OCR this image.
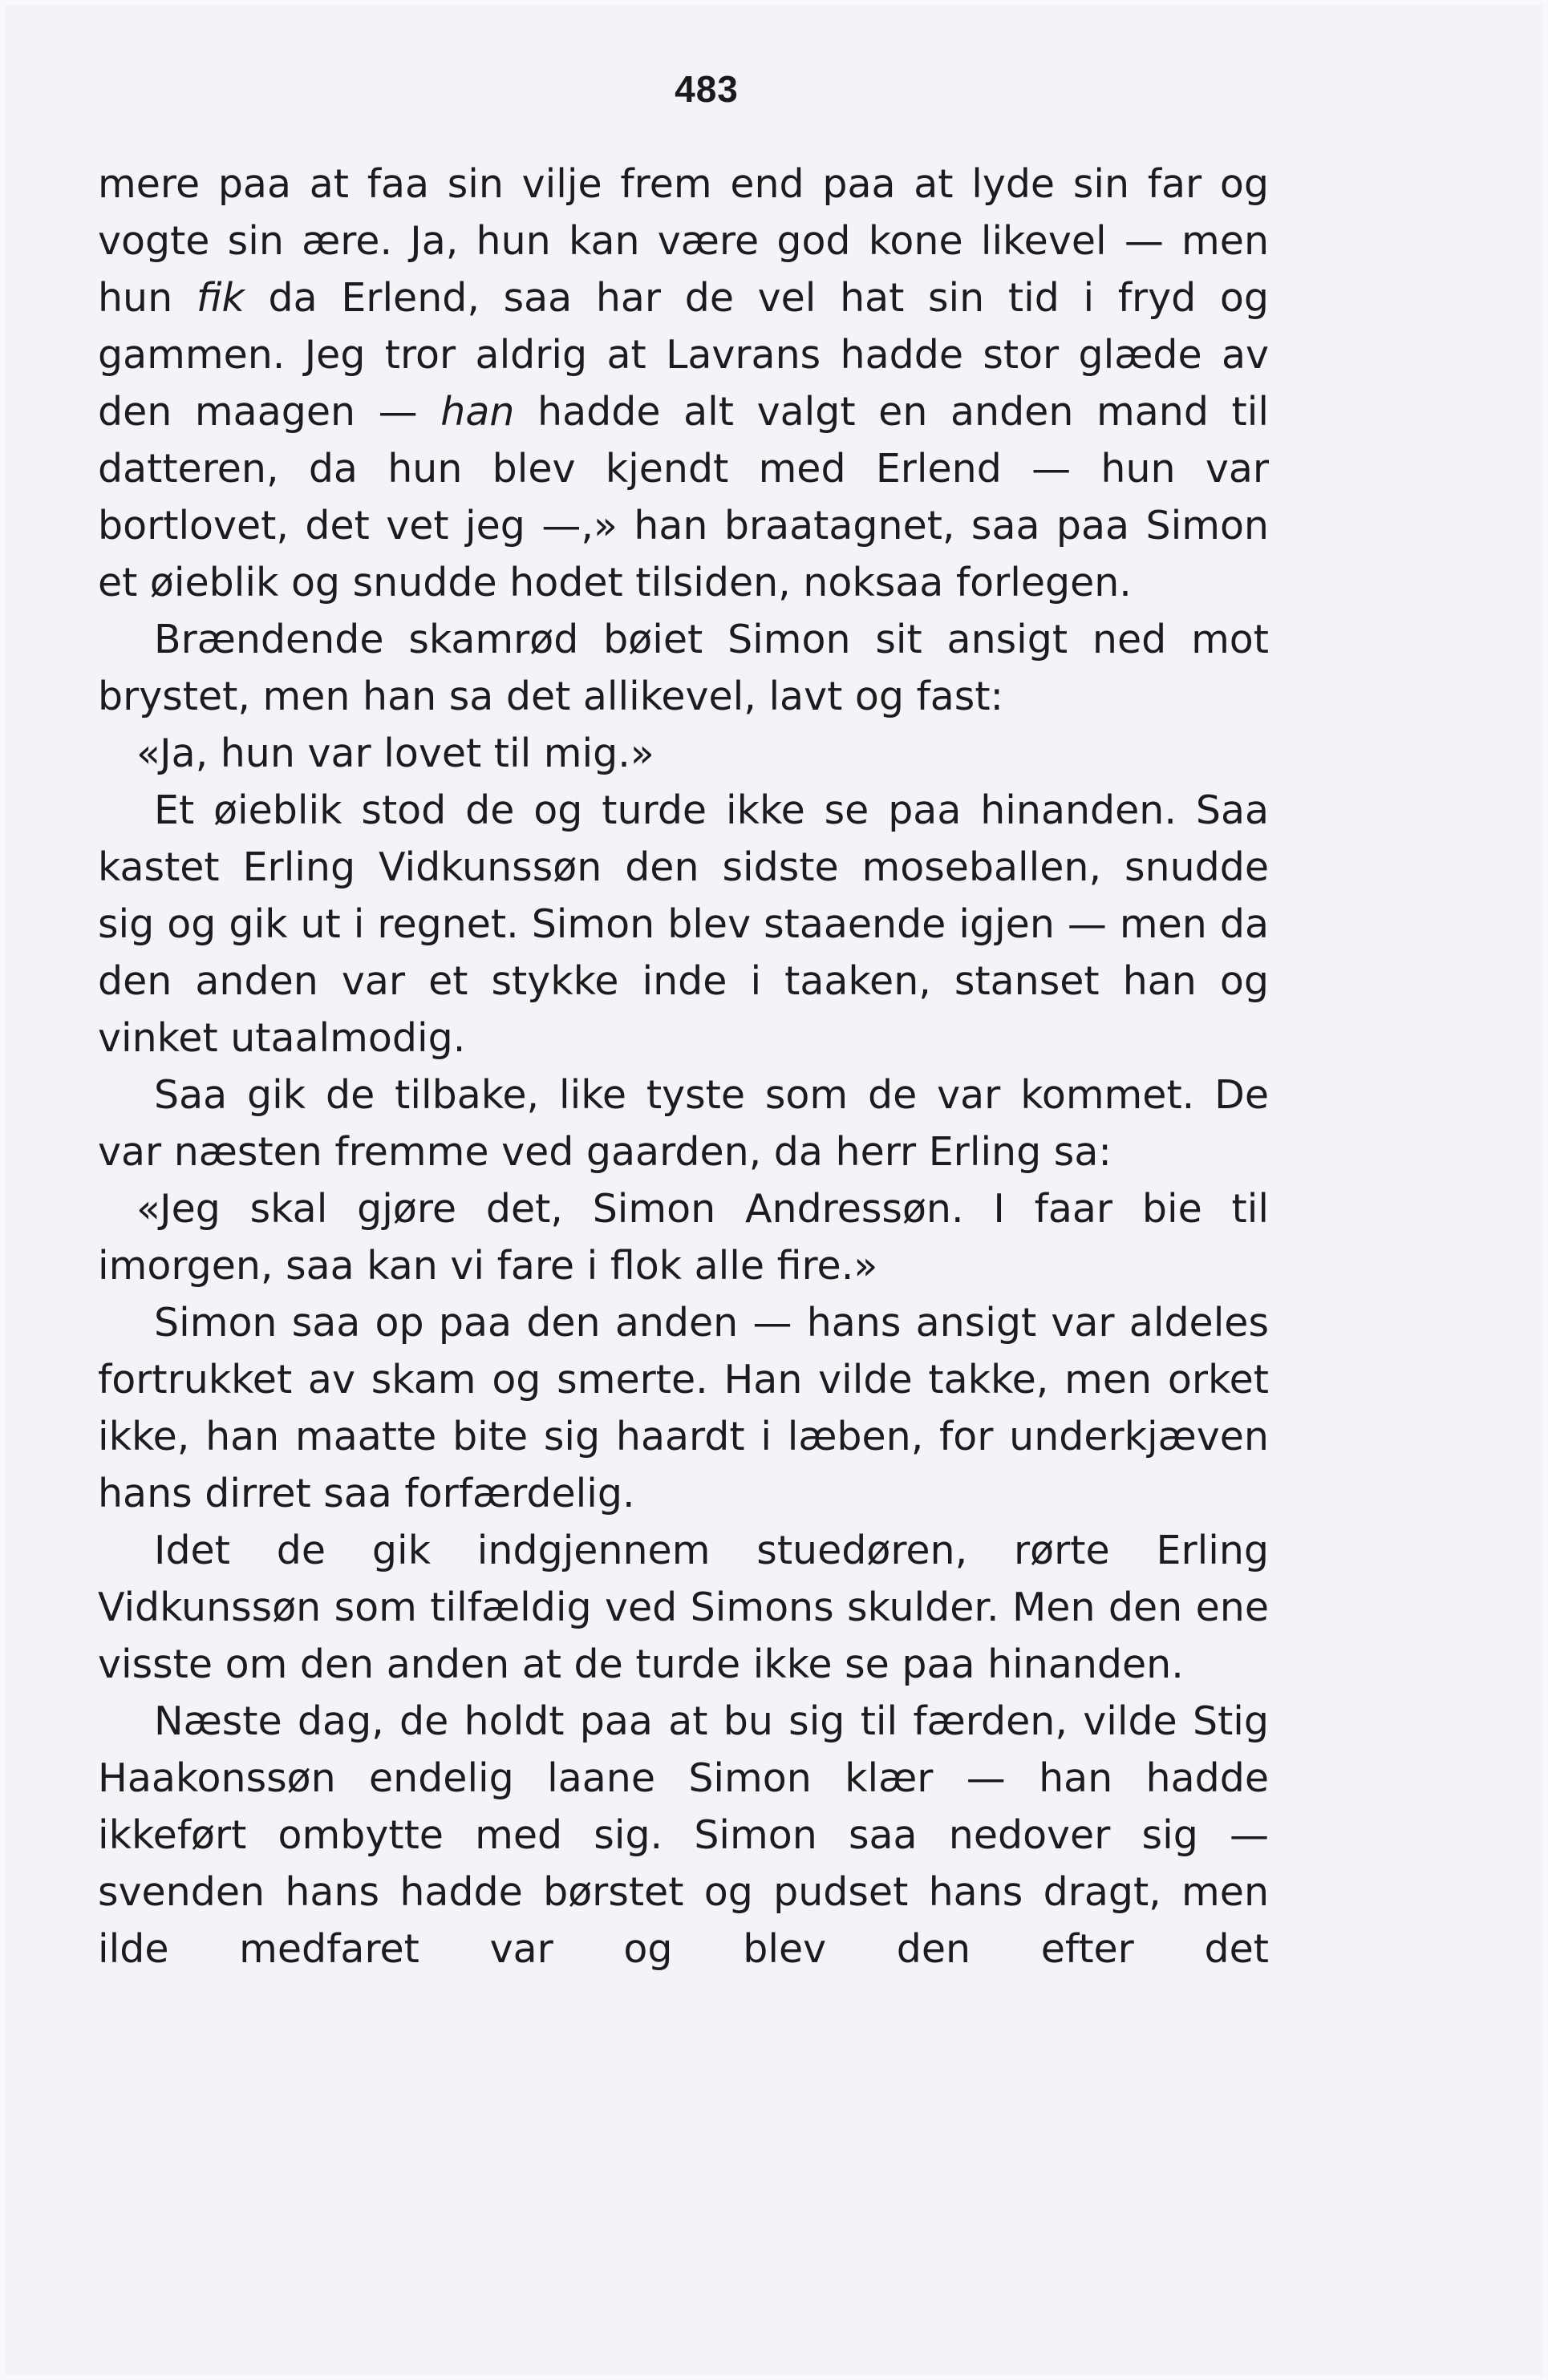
483

mere paa at faa sin vilje frem end paa at lyde sin far og vogte sin ære. Ja, hun kan være god kone likevel — men hun fik da Erlend, saa har de vel hat sin tid i fryd og gammen. Jeg tror aldrig at Lavrans hadde stor glæde av den maagen — han hadde alt valgt en anden mand til datteren, da hun blev kjendt med Erlend — hun var bortlovet, det vet jeg —,» han braatagnet, saa paa Simon et øieblik og snudde hodet tilsiden, noksaa forlegen.

Brændende skamrød bøiet Simon sit ansigt ned mot brystet, men han sa det allikevel, lavt og fast:

«Ja, hun var lovet til mig.»

Et øieblik stod de og turde ikke se paa hinanden. Saa kastet Erling Vidkunssøn den sidste moseballen, snudde sig og gik ut i regnet. Simon blev staaende igjen — men da den anden var et stykke inde i taaken, stanset han og vinket utaalmodig.

Saa gik de tilbake, like tyste som de var kommet. De var næsten fremme ved gaarden, da herr Erling sa:

«Jeg skal gjøre det, Simon Andressøn. I faar bie til imorgen, saa kan vi fare i flok alle fire.»

Simon saa op paa den anden — hans ansigt var aldeles fortrukket av skam og smerte. Han vilde takke, men orket ikke, han maatte bite sig haardt i læben, for underkjæven hans dirret saa forfærdelig.

Idet de gik indgjennem stuedøren, rørte Erling Vidkunssøn som tilfældig ved Simons skulder. Men den ene visste om den anden at de turde ikke se paa hinanden.

Næste dag, de holdt paa at bu sig til færden, vilde Stig Haakonssøn endelig laane Simon klær — han hadde ikkeført ombytte med sig. Simon saa nedover sig — svenden hans hadde børstet og pudset hans dragt, men ilde medfaret var og blev den efter det
